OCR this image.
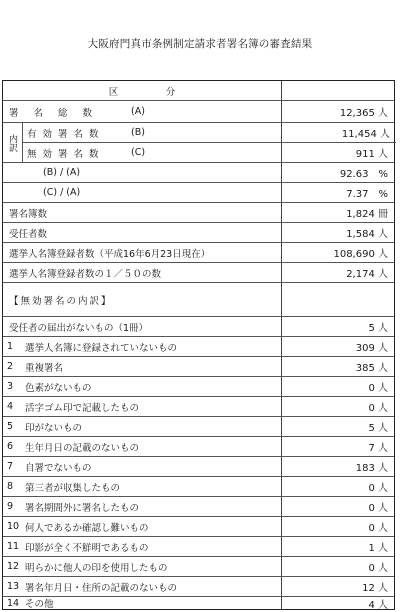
大阪府門真市条例制定請求者署名簿の審査結果
区　　　　　分
署 名 総 数	(A)	12,365 人
有効署名数	(B)	11,454 人
無効署名数	(C)	911 人
内訳
(B) / (A)	92.63　%
(C) / (A)	7.37　%
署名簿数	1,824 冊
受任者数	1,584 人
選挙人名簿登録者数（平成16年6月23日現在）	108,690 人
選挙人名簿登録者数の１／５０の数	2,174 人
【無効署名の内訳】
受任者の届出がないもの（1冊）	5 人
1 選挙人名簿に登録されていないもの	309 人
2 重複署名	385 人
3 色素がないもの	0 人
4 活字ゴム印で記載したもの	0 人
5 印がないもの	5 人
6 生年月日の記載のないもの	7 人
7 自署でないもの	183 人
8 第三者が収集したもの	0 人
9 署名期間外に署名したもの	0 人
10 何人であるか確認し難いもの	0 人
11 印影が全く不鮮明であるもの	1 人
12 明らかに他人の印を使用したもの	0 人
13 署名年月日・住所の記載のないもの	12 人
14 その他	4 人
